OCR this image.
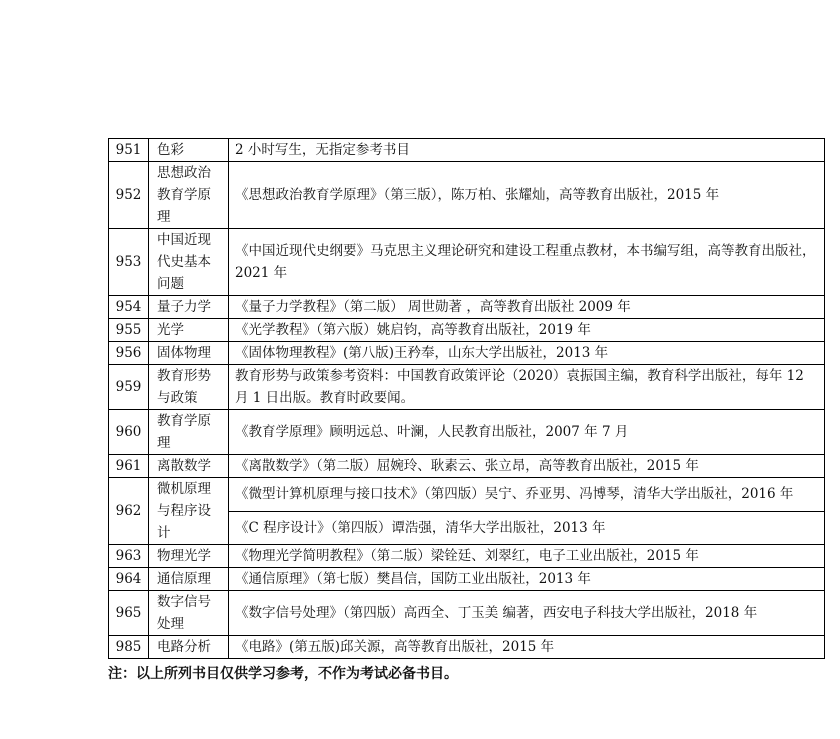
951	色彩	2 小时写生，无指定参考书目
952	思想政治教育学原理	《思想政治教育学原理》（第三版），陈万柏、张耀灿，高等教育出版社，2015 年
953	中国近现代史基本问题	《中国近现代史纲要》马克思主义理论研究和建设工程重点教材，本书编写组，高等教育出版社，2021 年
954	量子力学	《量子力学教程》（第二版） 周世勋著 ，高等教育出版社 2009 年
955	光学	《光学教程》（第六版）姚启钧，高等教育出版社，2019 年
956	固体物理	《固体物理教程》(第八版)王矜奉，山东大学出版社，2013 年
959	教育形势与政策	教育形势与政策参考资料：中国教育政策评论（2020）袁振国主编，教育科学出版社，每年 12 月 1 日出版。教育时政要闻。
960	教育学原理	《教育学原理》顾明远总、叶澜，人民教育出版社，2007 年 7 月
961	离散数学	《离散数学》（第二版）屈婉玲、耿素云、张立昂，高等教育出版社，2015 年
962	微机原理与程序设计	《微型计算机原理与接口技术》（第四版）吴宁、乔亚男、冯博琴，清华大学出版社，2016 年
		《C 程序设计》（第四版）谭浩强，清华大学出版社，2013 年
963	物理光学	《物理光学简明教程》（第二版）梁铨廷、刘翠红，电子工业出版社，2015 年
964	通信原理	《通信原理》（第七版）樊昌信，国防工业出版社，2013 年
965	数字信号处理	《数字信号处理》（第四版）高西全、丁玉美 编著，西安电子科技大学出版社，2018 年
985	电路分析	《电路》(第五版)邱关源，高等教育出版社，2015 年

注：以上所列书目仅供学习参考，不作为考试必备书目。
